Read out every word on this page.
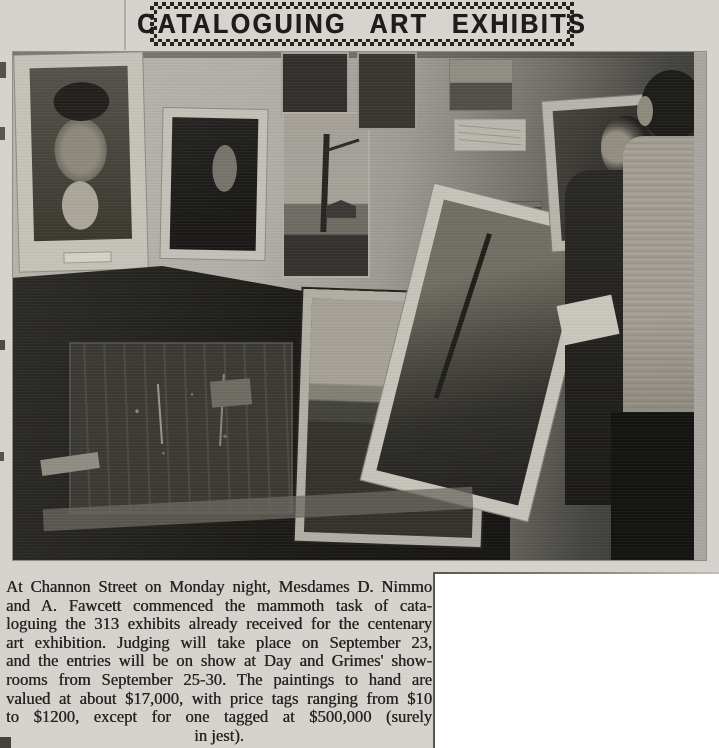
CATALOGUING ART EXHIBITS

At Channon Street on Monday night, Mesdames D. Nimmo

and A. Fawcett commenced the mammoth task of cata-

loguing the 313 exhibits already received for the centenary

art exhibition. Judging will take place on September 23,

and the entries will be on show at Day and Grimes' show-

rooms from September 25-30. The paintings to hand are

valued at about $17,000, with price tags ranging from $10

to $1200, except for one tagged at $500,000 (surely

in jest).
